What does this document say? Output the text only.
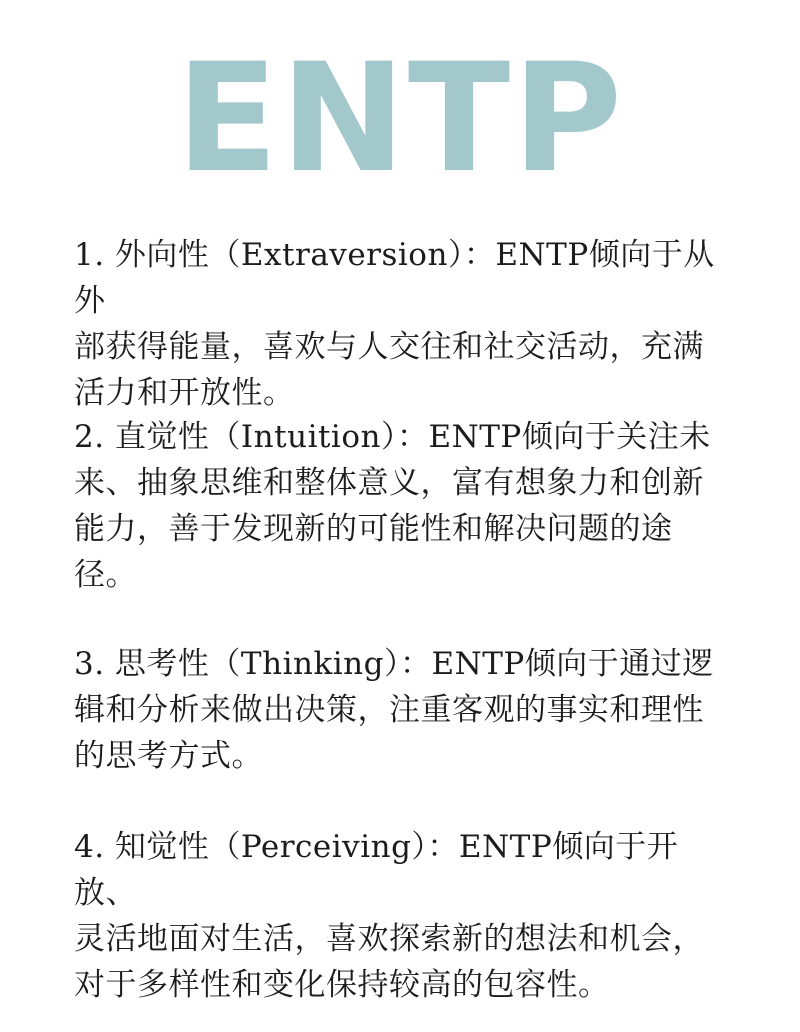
ENTP
1. 外向性（Extraversion）：ENTP倾向于从外
部获得能量，喜欢与人交往和社交活动，充满
活力和开放性。
2. 直觉性（Intuition）：ENTP倾向于关注未
来、抽象思维和整体意义，富有想象力和创新
能力，善于发现新的可能性和解决问题的途径。
3. 思考性（Thinking）：ENTP倾向于通过逻
辑和分析来做出决策，注重客观的事实和理性
的思考方式。
4. 知觉性（Perceiving）：ENTP倾向于开放、
灵活地面对生活，喜欢探索新的想法和机会，
对于多样性和变化保持较高的包容性。
